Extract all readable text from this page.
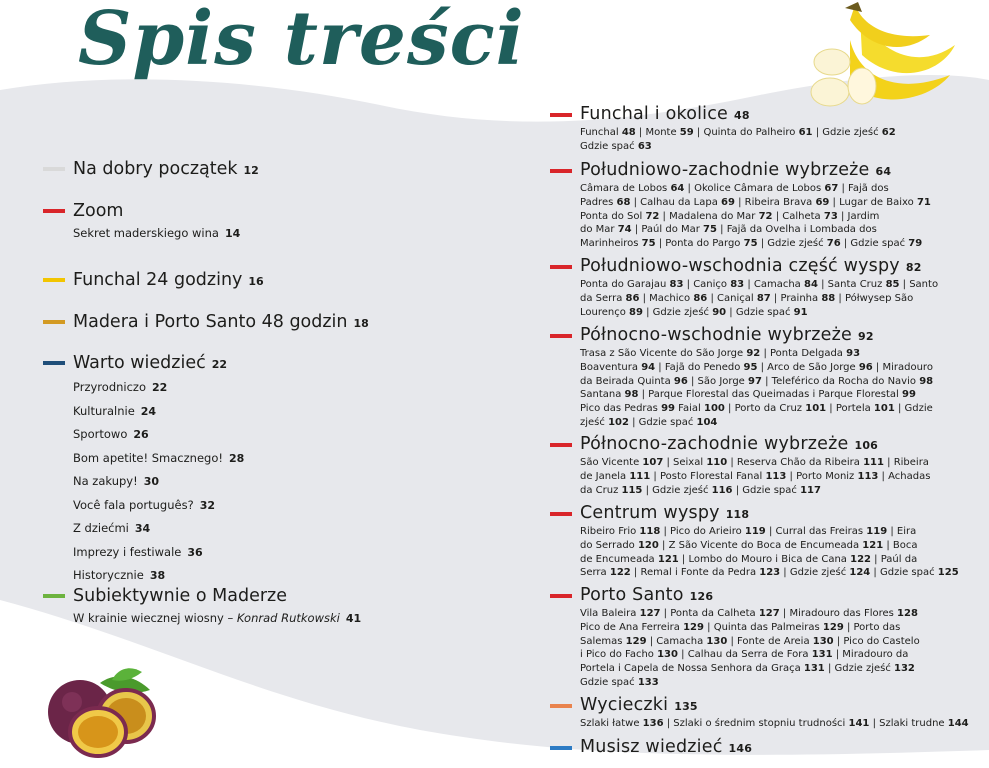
Spis treści
Na dobry początek 12
Zoom
Sekret maderskiego wina 14
Funchal 24 godziny 16
Madera i Porto Santo 48 godzin 18
Warto wiedzieć 22
Przyrodniczo 22
Kulturalnie 24
Sportowo 26
Bom apetite! Smacznego! 28
Na zakupy! 30
Você fala português? 32
Z dziećmi 34
Imprezy i festiwale 36
Historycznie 38
Subiektywnie o Maderze
W krainie wiecznej wiosny – Konrad Rutkowski 41
Funchal i okolice 48
Funchal 48 | Monte 59 | Quinta do Palheiro 61 | Gdzie zjeść 62
Gdzie spać 63
Południowo-zachodnie wybrzeże 64
Câmara de Lobos 64 | Okolice Câmara de Lobos 67 | Fajã dos
Padres 68 | Calhau da Lapa 69 | Ribeira Brava 69 | Lugar de Baixo 71
Ponta do Sol 72 | Madalena do Mar 72 | Calheta 73 | Jardim
do Mar 74 | Paúl do Mar 75 | Fajã da Ovelha i Lombada dos
Marinheiros 75 | Ponta do Pargo 75 | Gdzie zjeść 76 | Gdzie spać 79
Południowo-wschodnia część wyspy 82
Ponta do Garajau 83 | Caniço 83 | Camacha 84 | Santa Cruz 85 | Santo
da Serra 86 | Machico 86 | Caniçal 87 | Prainha 88 | Półwysep São
Lourenço 89 | Gdzie zjeść 90 | Gdzie spać 91
Północno-wschodnie wybrzeże 92
Trasa z São Vicente do São Jorge 92 | Ponta Delgada 93
Boaventura 94 | Fajã do Penedo 95 | Arco de São Jorge 96 | Miradouro
da Beirada Quinta 96 | São Jorge 97 | Teleférico da Rocha do Navio 98
Santana 98 | Parque Florestal das Queimadas i Parque Florestal 99
Pico das Pedras 99 Faial 100 | Porto da Cruz 101 | Portela 101 | Gdzie
zjeść 102 | Gdzie spać 104
Północno-zachodnie wybrzeże 106
São Vicente 107 | Seixal 110 | Reserva Chão da Ribeira 111 | Ribeira
de Janela 111 | Posto Florestal Fanal 113 | Porto Moniz 113 | Achadas
da Cruz 115 | Gdzie zjeść 116 | Gdzie spać 117
Centrum wyspy 118
Ribeiro Frio 118 | Pico do Arieiro 119 | Curral das Freiras 119 | Eira
do Serrado 120 | Z São Vicente do Boca de Encumeada 121 | Boca
de Encumeada 121 | Lombo do Mouro i Bica de Cana 122 | Paúl da
Serra 122 | Remal i Fonte da Pedra 123 | Gdzie zjeść 124 | Gdzie spać 125
Porto Santo 126
Vila Baleira 127 | Ponta da Calheta 127 | Miradouro das Flores 128
Pico de Ana Ferreira 129 | Quinta das Palmeiras 129 | Porto das
Salemas 129 | Camacha 130 | Fonte de Areia 130 | Pico do Castelo
i Pico do Facho 130 | Calhau da Serra de Fora 131 | Miradouro da
Portela i Capela de Nossa Senhora da Graça 131 | Gdzie zjeść 132
Gdzie spać 133
Wycieczki 135
Szlaki łatwe 136 | Szlaki o średnim stopniu trudności 141 | Szlaki trudne 144
Musisz wiedzieć 146
